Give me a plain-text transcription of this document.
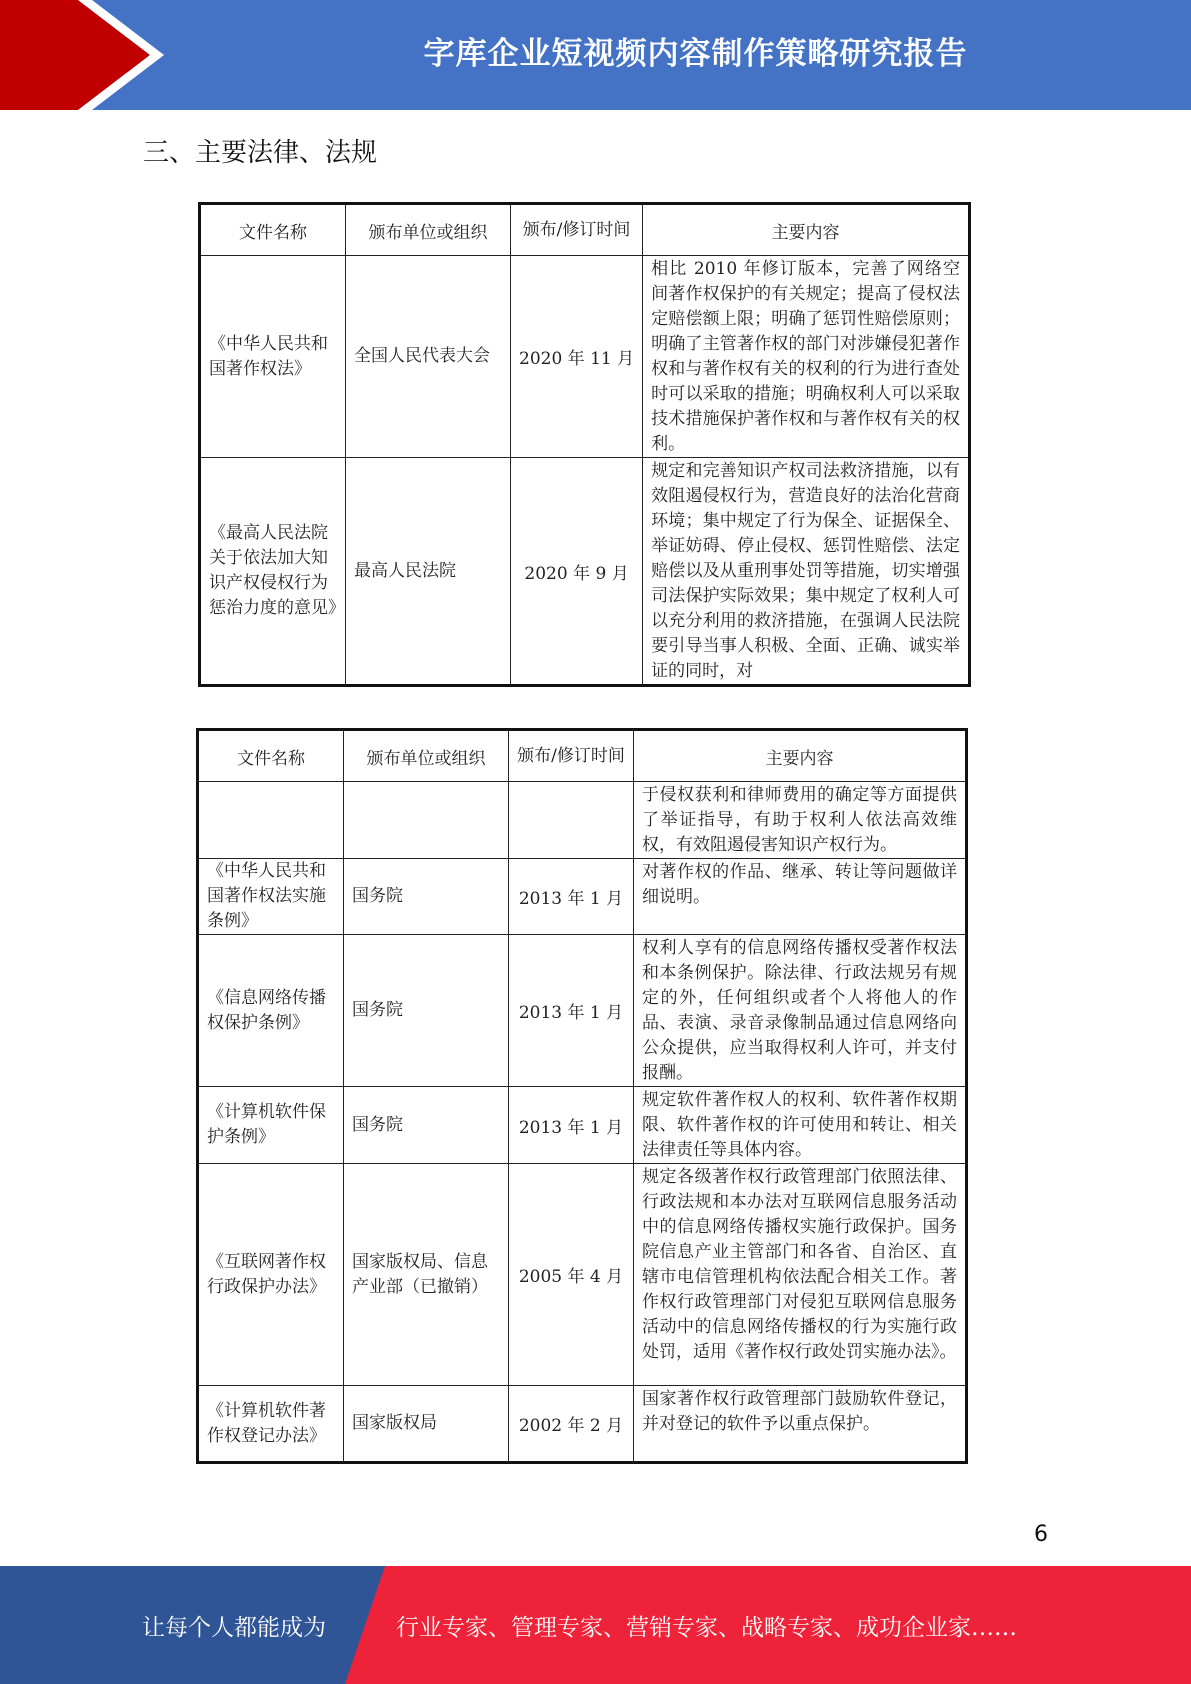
字库企业短视频内容制作策略研究报告
三、主要法律、法规
文件名称	颁布单位或组织	颁布/修订时间	主要内容
《中华人民共和国著作权法》	全国人民代表大会	2020 年 11 月	相比 2010 年修订版本，完善了网络空间著作权保护的有关规定；提高了侵权法定赔偿额上限；明确了惩罚性赔偿原则；明确了主管著作权的部门对涉嫌侵犯著作权和与著作权有关的权利的行为进行查处时可以采取的措施；明确权利人可以采取技术措施保护著作权和与著作权有关的权利。
《最高人民法院关于依法加大知识产权侵权行为惩治力度的意见》	最高人民法院	2020 年 9 月	规定和完善知识产权司法救济措施，以有效阻遏侵权行为，营造良好的法治化营商环境；集中规定了行为保全、证据保全、举证妨碍、停止侵权、惩罚性赔偿、法定赔偿以及从重刑事处罚等措施，切实增强司法保护实际效果；集中规定了权利人可以充分利用的救济措施，在强调人民法院要引导当事人积极、全面、正确、诚实举证的同时，对
文件名称	颁布单位或组织	颁布/修订时间	主要内容
			于侵权获利和律师费用的确定等方面提供了举证指导，有助于权利人依法高效维权，有效阻遏侵害知识产权行为。
《中华人民共和国著作权法实施条例》	国务院	2013 年 1 月	对著作权的作品、继承、转让等问题做详细说明。
《信息网络传播权保护条例》	国务院	2013 年 1 月	权利人享有的信息网络传播权受著作权法和本条例保护。除法律、行政法规另有规定的外，任何组织或者个人将他人的作品、表演、录音录像制品通过信息网络向公众提供，应当取得权利人许可，并支付报酬。
《计算机软件保护条例》	国务院	2013 年 1 月	规定软件著作权人的权利、软件著作权期限、软件著作权的许可使用和转让、相关法律责任等具体内容。
《互联网著作权行政保护办法》	国家版权局、信息产业部（已撤销）	2005 年 4 月	规定各级著作权行政管理部门依照法律、行政法规和本办法对互联网信息服务活动中的信息网络传播权实施行政保护。国务院信息产业主管部门和各省、自治区、直辖市电信管理机构依法配合相关工作。著作权行政管理部门对侵犯互联网信息服务活动中的信息网络传播权的行为实施行政处罚，适用《著作权行政处罚实施办法》。
《计算机软件著作权登记办法》	国家版权局	2002 年 2 月	国家著作权行政管理部门鼓励软件登记，并对登记的软件予以重点保护。
6
让每个人都能成为	行业专家、管理专家、营销专家、战略专家、成功企业家……
